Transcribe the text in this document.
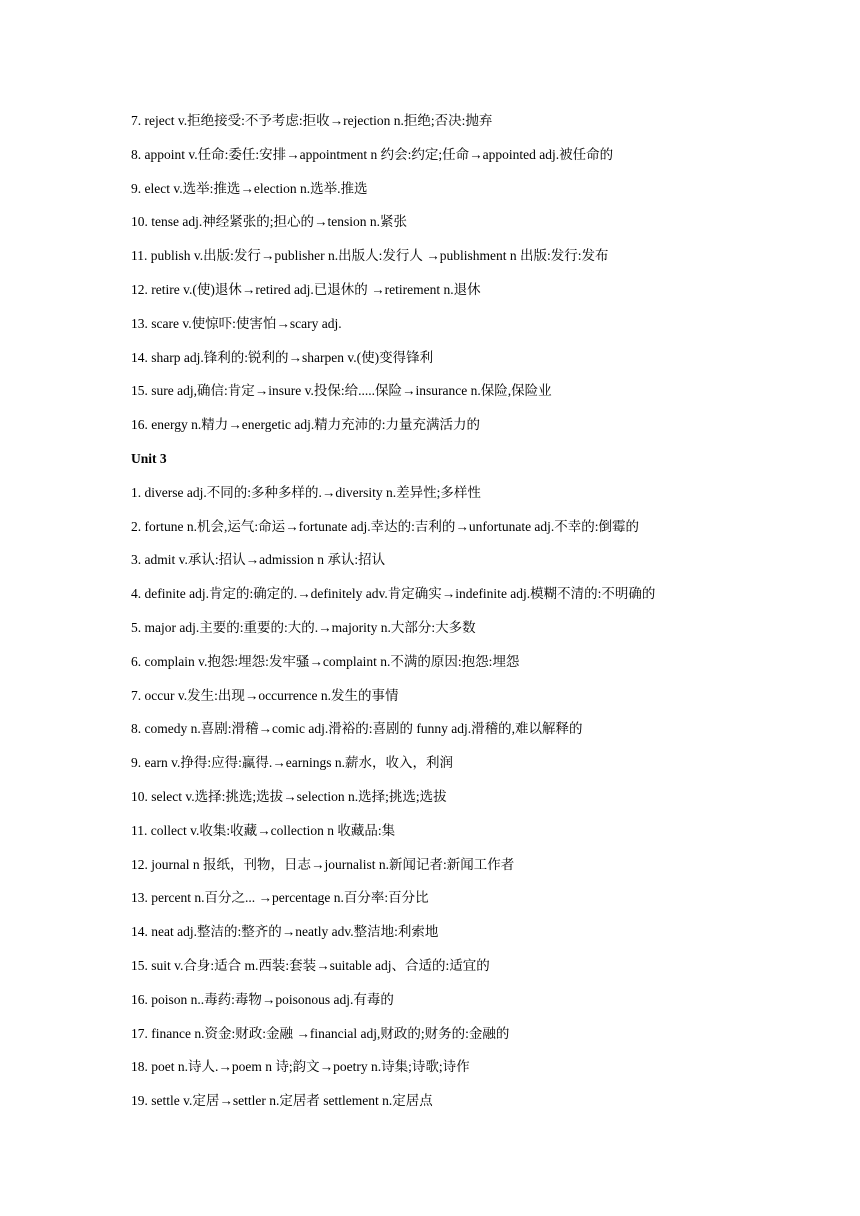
7. reject v.拒绝接受:不予考虑:拒收→rejection n.拒绝;否决:抛弃
8. appoint v.任命:委任:安排→appointment n 约会:约定;任命→appointed adj.被任命的
9. elect v.选举:推选→election n.选举.推选
10. tense adj.神经紧张的;担心的→tension n.紧张
11. publish v.出版:发行→publisher n.出版人:发行人 →publishment n 出版:发行:发布
12. retire v.(使)退休→retired adj.已退休的 →retirement n.退休
13. scare v.使惊吓:使害怕→scary adj.
14. sharp adj.锋利的:锐利的→sharpen v.(使)变得锋利
15. sure adj,确信:肯定→insure v.投保:给.....保险→insurance n.保险,保险业
16. energy n.精力→energetic adj.精力充沛的:力量充满活力的
Unit 3
1. diverse adj.不同的:多种多样的.→diversity n.差异性;多样性
2. fortune n.机会,运气:命运→fortunate adj.幸达的:吉利的→unfortunate adj.不幸的:倒霉的
3. admit v.承认:招认→admission n 承认:招认
4. definite adj.肯定的:确定的.→definitely adv.肯定确实→indefinite adj.模糊不清的:不明确的
5. major adj.主要的:重要的:大的.→majority n.大部分:大多数
6. complain v.抱怨:埋怨:发牢骚→complaint n.不满的原因:抱怨:埋怨
7. occur v.发生:出现→occurrence n.发生的事情
8. comedy n.喜剧:滑稽→comic adj.滑裕的:喜剧的 funny adj.滑稽的,难以解释的
9. earn v.挣得:应得:赢得.→earnings n.薪水，收入，利润
10. select v.选择:挑选;选拔→selection n.选择;挑选;选拔
11. collect v.收集:收藏→collection n 收藏品:集
12. journal n 报纸，刊物，日志→journalist n.新闻记者:新闻工作者
13. percent n.百分之... →percentage n.百分率:百分比
14. neat adj.整洁的:整齐的→neatly adv.整洁地:利索地
15. suit v.合身:适合 m.西装:套装→suitable adj、合适的:适宜的
16. poison n..毒药:毒物→poisonous adj.有毒的
17. finance n.资金:财政:金融 →financial adj,财政的;财务的:金融的
18. poet n.诗人.→poem n 诗;韵文→poetry n.诗集;诗歌;诗作
19. settle v.定居→settler n.定居者 settlement n.定居点
